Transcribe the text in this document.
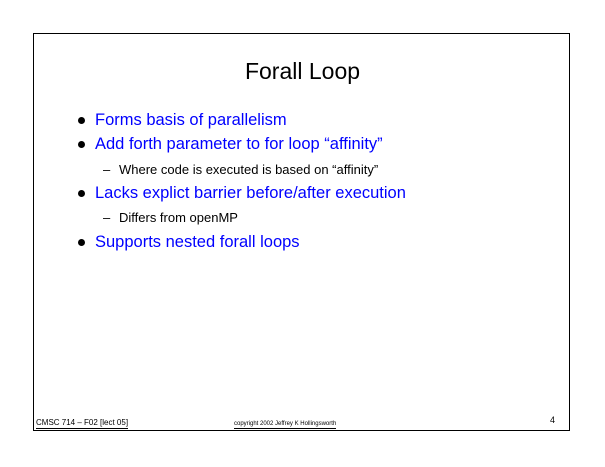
Forall Loop
Forms basis of parallelism
Add forth parameter to for loop “affinity”
– Where code is executed is based on “affinity”
Lacks explict barrier before/after execution
– Differs from openMP
Supports nested forall loops
CMSC 714 – F02 [lect 05]	copyright 2002 Jeffrey K Hollingsworth	4
